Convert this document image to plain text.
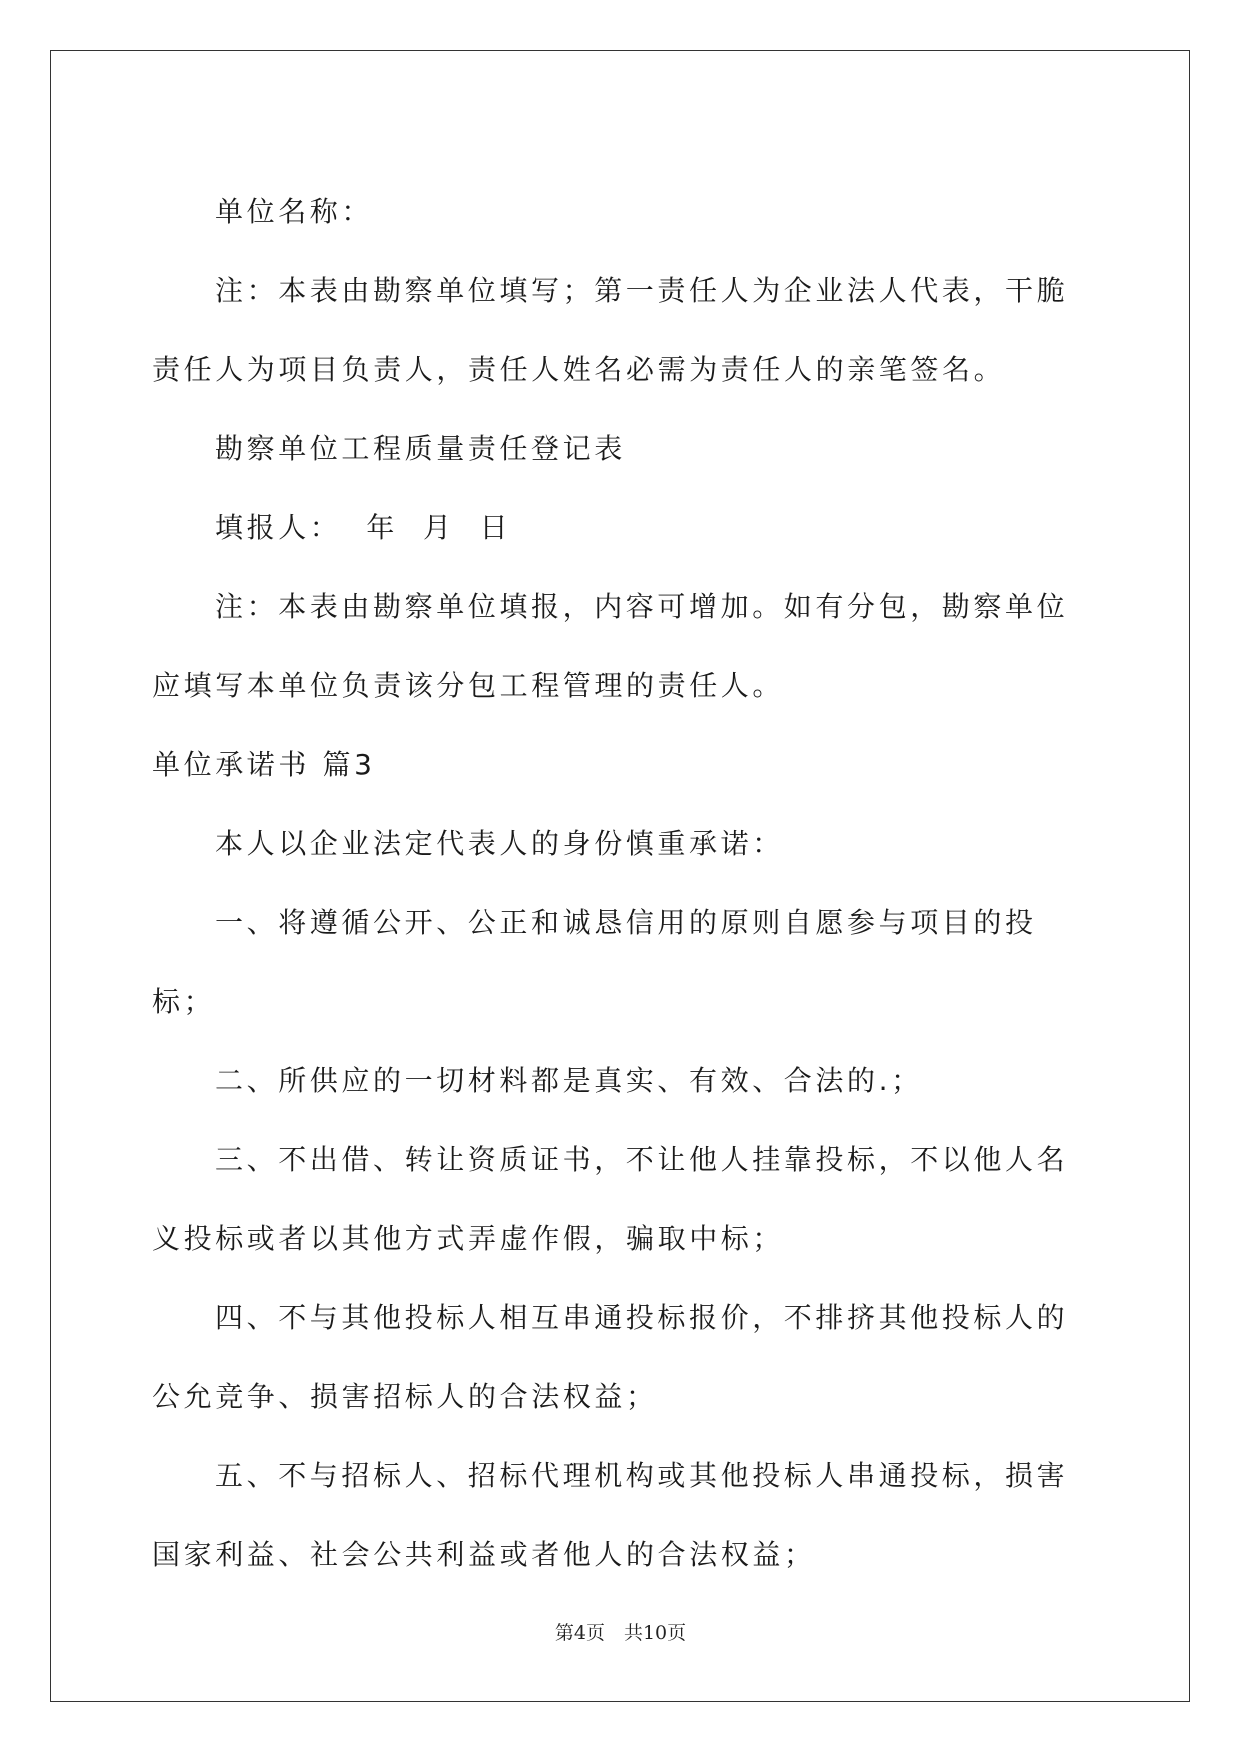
单位名称：

注：本表由勘察单位填写；第一责任人为企业法人代表，干脆责任人为项目负责人，责任人姓名必需为责任人的亲笔签名。

勘察单位工程质量责任登记表

填报人：  年  月  日

注：本表由勘察单位填报，内容可增加。如有分包，勘察单位应填写本单位负责该分包工程管理的责任人。

单位承诺书 篇3

本人以企业法定代表人的身份慎重承诺：

一、将遵循公开、公正和诚恳信用的原则自愿参与项目的投标；

二、所供应的一切材料都是真实、有效、合法的.；

三、不出借、转让资质证书，不让他人挂靠投标，不以他人名义投标或者以其他方式弄虚作假，骗取中标；

四、不与其他投标人相互串通投标报价，不排挤其他投标人的公允竞争、损害招标人的合法权益；

五、不与招标人、招标代理机构或其他投标人串通投标，损害国家利益、社会公共利益或者他人的合法权益；

第4页　共10页
